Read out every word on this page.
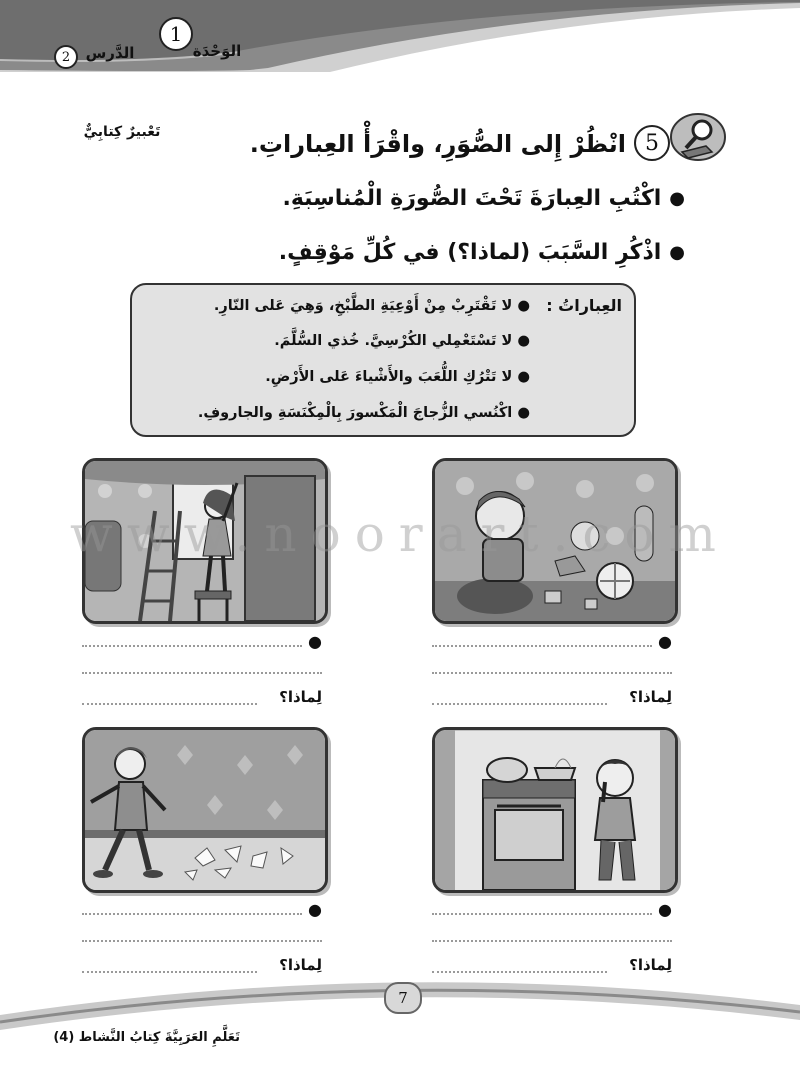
1
الوَحْدَة
2	الدَّرس
تَعْبيرٌ كِتابِيٌّ	5
انْظُرْ إِلى الصُّوَرِ، واقْرَأْ العِباراتِ.
●
اكْتُبِ العِبارَةَ تَحْتَ الصُّورَةِ الْمُناسِبَةِ.
●
اذْكُرِ السَّبَبَ (لماذا؟) في كُلِّ مَوْقِفٍ.
العِباراتُ :
● لا تَقْتَرِبْ مِنْ أَوْعِيَةِ الطَّبْخِ، وَهِيَ عَلى النّارِ.
● لا تَسْتَعْمِلي الكُرْسِيَّ. خُذي السُّلَّمَ.
● لا تَتْرُكِ اللُّعَبَ والأَشْياءَ عَلى الأَرْضِ.
● اكْنُسي الزُّجاجَ الْمَكْسورَ بِالْمِكْنَسَةِ والجاروفِ.
www.noorart.com
●
لِماذا؟
●
لِماذا؟
●
لِماذا؟
●
لِماذا؟
7
تَعَلَّمِ العَرَبِيَّةَ كِتابُ النَّشاط (4)
